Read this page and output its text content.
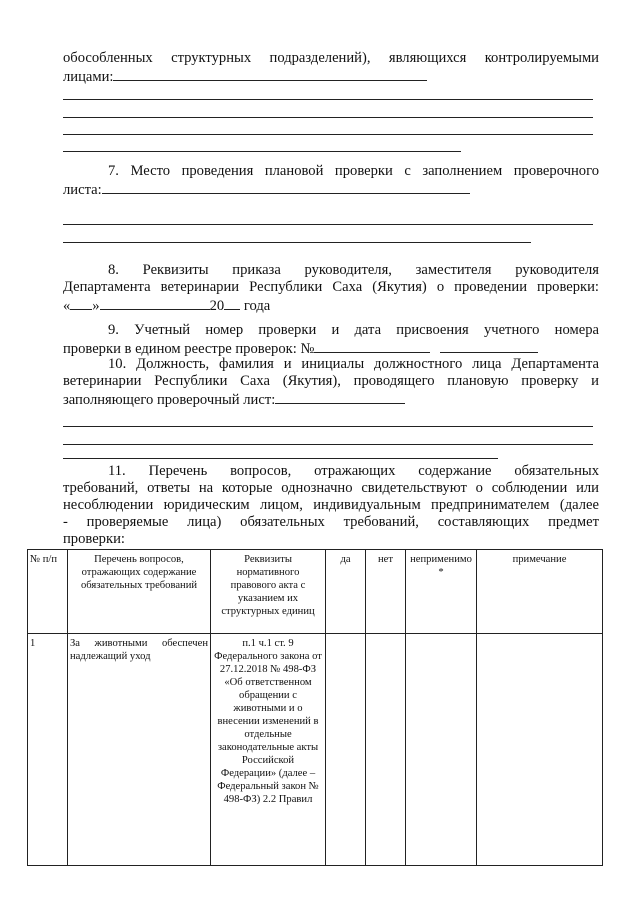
обособленных структурных подразделений), являющихся контролируемыми
лицами:
7. Место проведения плановой проверки с заполнением проверочного
листа:
8. Реквизиты приказа руководителя, заместителя руководителя
Департамента ветеринарии Республики Саха (Якутия) о проведении проверки:
« »	20 года
9. Учетный номер проверки и дата присвоения учетного номера
проверки в едином реестре проверок: №
10. Должность, фамилия и инициалы должностного лица Департамента
ветеринарии Республики Саха (Якутия), проводящего плановую проверку и
заполняющего проверочный лист:
11. Перечень вопросов, отражающих содержание обязательных
требований, ответы на которые однозначно свидетельствуют о соблюдении или
несоблюдении юридическим лицом, индивидуальным предпринимателем (далее
- проверяемые лица) обязательных требований, составляющих предмет
проверки:
№ п/п	Перечень вопросов, отражающих содержание обязательных требований	Реквизиты нормативного правового акта с указанием их структурных единиц	да	нет	неприменимо *	примечание
1	За животными обеспечен надлежащий уход	п.1 ч.1 ст. 9 Федерального закона от 27.12.2018 № 498-ФЗ «Об ответственном обращении с животными и о внесении изменений в отдельные законодательные акты Российской Федерации» (далее – Федеральный закон № 498-ФЗ) 2.2 Правил				
